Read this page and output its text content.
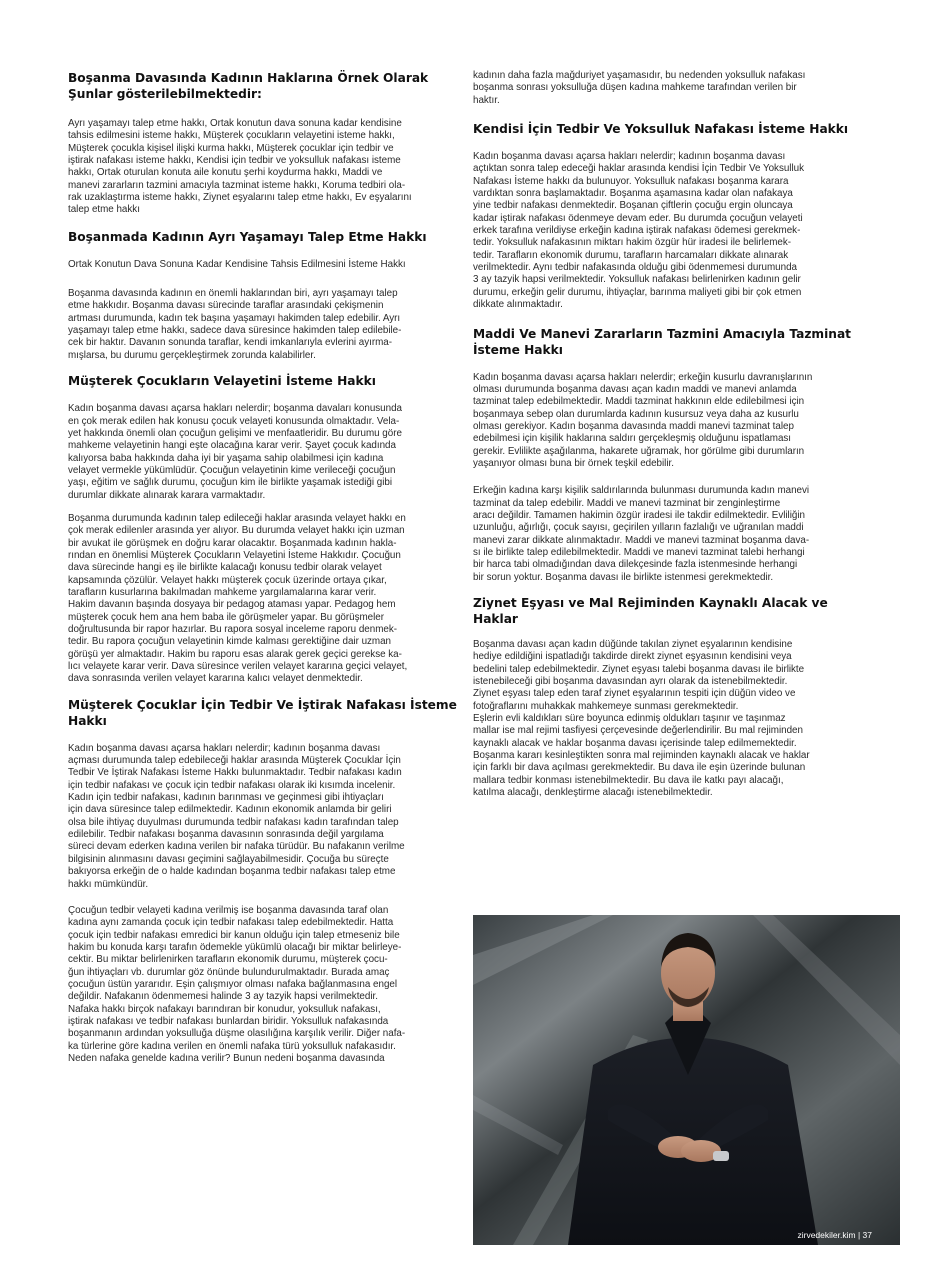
Boşanma Davasında Kadının Haklarına Örnek Olarak Şunlar gösterilebilmektedir:

Ayrı yaşamayı talep etme hakkı, Ortak konutun dava sonuna kadar kendisine
tahsis edilmesini isteme hakkı, Müşterek çocukların velayetini isteme hakkı,
Müşterek çocukla kişisel ilişki kurma hakkı, Müşterek çocuklar için tedbir ve
iştirak nafakası isteme hakkı, Kendisi için tedbir ve yoksulluk nafakası isteme
hakkı, Ortak oturulan konuta aile konutu şerhi koydurma hakkı, Maddi ve
manevi zararların tazmini amacıyla tazminat isteme hakkı, Koruma tedbiri ola-
rak uzaklaştırma isteme hakkı, Ziynet eşyalarını talep etme hakkı, Ev eşyalarını
talep etme hakkı

Boşanmada Kadının Ayrı Yaşamayı Talep Etme Hakkı

Ortak Konutun Dava Sonuna Kadar Kendisine Tahsis Edilmesini İsteme Hakkı

Boşanma davasında kadının en önemli haklarından biri, ayrı yaşamayı talep
etme hakkıdır. Boşanma davası sürecinde taraflar arasındaki çekişmenin
artması durumunda, kadın tek başına yaşamayı hakimden talep edebilir. Ayrı
yaşamayı talep etme hakkı, sadece dava süresince hakimden talep edilebile-
cek bir haktır. Davanın sonunda taraflar, kendi imkanlarıyla evlerini ayırma-
mışlarsa, bu durumu gerçekleştirmek zorunda kalabilirler.

Müşterek Çocukların Velayetini İsteme Hakkı

Kadın boşanma davası açarsa hakları nelerdir; boşanma davaları konusunda
en çok merak edilen hak konusu çocuk velayeti konusunda olmaktadır. Vela-
yet hakkında önemli olan çocuğun gelişimi ve menfaatleridir. Bu durumu göre
mahkeme velayetinin hangi eşte olacağına karar verir. Şayet çocuk kadında
kalıyorsa baba hakkında daha iyi bir yaşama sahip olabilmesi için kadına
velayet vermekle yükümlüdür. Çocuğun velayetinin kime verileceği çocuğun
yaşı, eğitim ve sağlık durumu, çocuğun kim ile birlikte yaşamak istediği gibi
durumlar dikkate alınarak karara varmaktadır.

Boşanma durumunda kadının talep edileceği haklar arasında velayet hakkı en
çok merak edilenler arasında yer alıyor. Bu durumda velayet hakkı için uzman
bir avukat ile görüşmek en doğru karar olacaktır. Boşanmada kadının hakla-
rından en önemlisi Müşterek Çocukların Velayetini İsteme Hakkıdır. Çocuğun
dava sürecinde hangi eş ile birlikte kalacağı konusu tedbir olarak velayet
kapsamında çözülür. Velayet hakkı müşterek çocuk üzerinde ortaya çıkar,
tarafların kusurlarına bakılmadan mahkeme yargılamalarına karar verir.
Hakim davanın başında dosyaya bir pedagog ataması yapar. Pedagog hem
müşterek çocuk hem ana hem baba ile görüşmeler yapar. Bu görüşmeler
doğrultusunda bir rapor hazırlar. Bu rapora sosyal inceleme raporu denmek-
tedir. Bu rapora çocuğun velayetinin kimde kalması gerektiğine dair uzman
görüşü yer almaktadır. Hakim bu raporu esas alarak gerek geçici gerekse ka-
lıcı velayete karar verir. Dava süresince verilen velayet kararına geçici velayet,
dava sonrasında verilen velayet kararına kalıcı velayet denmektedir.

Müşterek Çocuklar İçin Tedbir Ve İştirak Nafakası İsteme Hakkı

Kadın boşanma davası açarsa hakları nelerdir; kadının boşanma davası
açması durumunda talep edebileceği haklar arasında Müşterek Çocuklar İçin
Tedbir Ve İştirak Nafakası İsteme Hakkı bulunmaktadır. Tedbir nafakası kadın
için tedbir nafakası ve çocuk için tedbir nafakası olarak iki kısımda incelenir.
Kadın için tedbir nafakası, kadının barınması ve geçinmesi gibi ihtiyaçları
için dava süresince talep edilmektedir. Kadının ekonomik anlamda bir geliri
olsa bile ihtiyaç duyulması durumunda tedbir nafakası kadın tarafından talep
edilebilir. Tedbir nafakası boşanma davasının sonrasında değil yargılama
süreci devam ederken kadına verilen bir nafaka türüdür. Bu nafakanın verilme
bilgisinin alınmasını davası geçimini sağlayabilmesidir. Çocuğa bu süreçte
bakıyorsa erkeğin de o halde kadından boşanma tedbir nafakası talep etme
hakkı mümkündür.

Çocuğun tedbir velayeti kadına verilmiş ise boşanma davasında taraf olan
kadına aynı zamanda çocuk için tedbir nafakası talep edebilmektedir. Hatta
çocuk için tedbir nafakası emredici bir kanun olduğu için talep etmeseniz bile
hakim bu konuda karşı tarafın ödemekle yükümlü olacağı bir miktar belirleye-
cektir. Bu miktar belirlenirken tarafların ekonomik durumu, müşterek çocu-
ğun ihtiyaçları vb. durumlar göz önünde bulundurulmaktadır. Burada amaç
çocuğun üstün yararıdır. Eşin çalışmıyor olması nafaka bağlanmasına engel
değildir. Nafakanın ödenmemesi halinde 3 ay tazyik hapsi verilmektedir.
Nafaka hakkı birçok nafakayı barındıran bir konudur, yoksulluk nafakası,
iştirak nafakası ve tedbir nafakası bunlardan biridir. Yoksulluk nafakasında
boşanmanın ardından yoksulluğa düşme olasılığına karşılık verilir. Diğer nafa-
ka türlerine göre kadına verilen en önemli nafaka türü yoksulluk nafakasıdır.
Neden nafaka genelde kadına verilir? Bunun nedeni boşanma davasında

kadının daha fazla mağduriyet yaşamasıdır, bu nedenden yoksulluk nafakası
boşanma sonrası yoksulluğa düşen kadına mahkeme tarafından verilen bir
haktır.

Kendisi İçin Tedbir Ve Yoksulluk Nafakası İsteme Hakkı

Kadın boşanma davası açarsa hakları nelerdir; kadının boşanma davası
açtıktan sonra talep edeceği haklar arasında kendisi İçin Tedbir Ve Yoksulluk
Nafakası İsteme hakkı da bulunuyor. Yoksulluk nafakası boşanma karara
vardıktan sonra başlamaktadır. Boşanma aşamasına kadar olan nafakaya
yine tedbir nafakası denmektedir. Boşanan çiftlerin çocuğu ergin oluncaya
kadar iştirak nafakası ödenmeye devam eder. Bu durumda çocuğun velayeti
erkek tarafına verildiyse erkeğin kadına iştirak nafakası ödemesi gerekmek-
tedir. Yoksulluk nafakasının miktarı hakim özgür hür iradesi ile belirlemek-
tedir. Tarafların ekonomik durumu, tarafların harcamaları dikkate alınarak
verilmektedir. Aynı tedbir nafakasında olduğu gibi ödenmemesi durumunda
3 ay tazyik hapsi verilmektedir. Yoksulluk nafakası belirlenirken kadının gelir
durumu, erkeğin gelir durumu, ihtiyaçlar, barınma maliyeti gibi bir çok etmen
dikkate alınmaktadır.

Maddi Ve Manevi Zararların Tazmini Amacıyla Tazminat İsteme Hakkı

Kadın boşanma davası açarsa hakları nelerdir; erkeğin kusurlu davranışlarının
olması durumunda boşanma davası açan kadın maddi ve manevi anlamda
tazminat talep edebilmektedir. Maddi tazminat hakkının elde edilebilmesi için
boşanmaya sebep olan durumlarda kadının kusursuz veya daha az kusurlu
olması gerekiyor. Kadın boşanma davasında maddi manevi tazminat talep
edebilmesi için kişilik haklarına saldırı gerçekleşmiş olduğunu ispatlaması
gerekir. Evlilikte aşağılanma, hakarete uğramak, hor görülme gibi durumların
yaşanıyor olması buna bir örnek teşkil edebilir.

Erkeğin kadına karşı kişilik saldırılarında bulunması durumunda kadın manevi
tazminat da talep edebilir. Maddi ve manevi tazminat bir zenginleştirme
aracı değildir. Tamamen hakimin özgür iradesi ile takdir edilmektedir. Evliliğin
uzunluğu, ağırlığı, çocuk sayısı, geçirilen yılların fazlalığı ve uğranılan maddi
manevi zarar dikkate alınmaktadır. Maddi ve manevi tazminat boşanma dava-
sı ile birlikte talep edilebilmektedir. Maddi ve manevi tazminat talebi herhangi
bir harca tabi olmadığından dava dilekçesinde fazla istenmesinde herhangi
bir sorun yoktur. Boşanma davası ile birlikte istenmesi gerekmektedir.

Ziynet Eşyası ve Mal Rejiminden Kaynaklı Alacak ve Haklar

Boşanma davası açan kadın düğünde takılan ziynet eşyalarının kendisine
hediye edildiğini ispatladığı takdirde direkt ziynet eşyasının kendisini veya
bedelini talep edebilmektedir. Ziynet eşyası talebi boşanma davası ile birlikte
istenebileceği gibi boşanma davasından ayrı olarak da istenebilmektedir.
Ziynet eşyası talep eden taraf ziynet eşyalarının tespiti için düğün video ve
fotoğraflarını muhakkak mahkemeye sunması gerekmektedir.
Eşlerin evli kaldıkları süre boyunca edinmiş oldukları taşınır ve taşınmaz
mallar ise mal rejimi tasfiyesi çerçevesinde değerlendirilir. Bu mal rejiminden
kaynaklı alacak ve haklar boşanma davası içerisinde talep edilmemektedir.
Boşanma kararı kesinleştikten sonra mal rejiminden kaynaklı alacak ve haklar
için farklı bir dava açılması gerekmektedir. Bu dava ile eşin üzerinde bulunan
mallara tedbir konması istenebilmektedir. Bu dava ile katkı payı alacağı,
katılma alacağı, denkleştirme alacağı istenebilmektedir.

zirvedekiler.kim | 37
